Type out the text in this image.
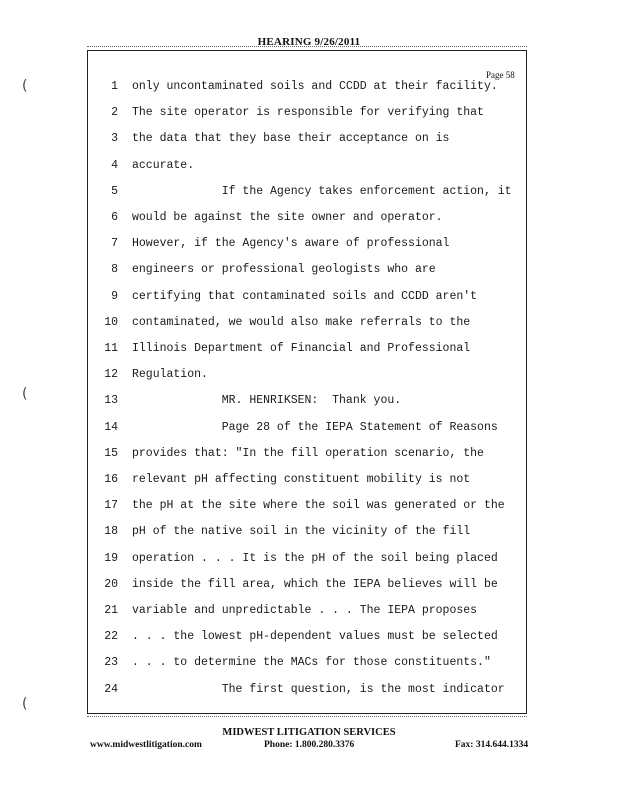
HEARING 9/26/2011
Page 58
(
(
(
1 only uncontaminated soils and CCDD at their facility.
2 The site operator is responsible for verifying that
3 the data that they base their acceptance on is
4 accurate.
5 If the Agency takes enforcement action, it
6 would be against the site owner and operator.
7 However, if the Agency's aware of professional
8 engineers or professional geologists who are
9 certifying that contaminated soils and CCDD aren't
10 contaminated, we would also make referrals to the
11 Illinois Department of Financial and Professional
12 Regulation.
13 MR. HENRIKSEN:  Thank you.
14 Page 28 of the IEPA Statement of Reasons
15 provides that: "In the fill operation scenario, the
16 relevant pH affecting constituent mobility is not
17 the pH at the site where the soil was generated or the
18 pH of the native soil in the vicinity of the fill
19 operation . . . It is the pH of the soil being placed
20 inside the fill area, which the IEPA believes will be
21 variable and unpredictable . . . The IEPA proposes
22 . . . the lowest pH-dependent values must be selected
23 . . . to determine the MACs for those constituents."
24 The first question, is the most indicator
MIDWEST LITIGATION SERVICES
www.midwestlitigation.com	Phone: 1.800.280.3376	Fax: 314.644.1334
